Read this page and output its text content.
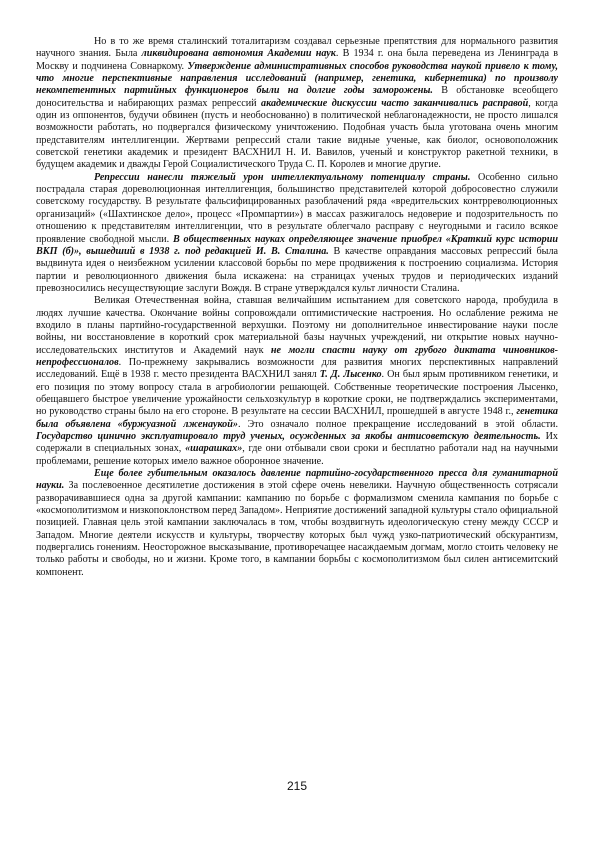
Но в то же время сталинский тоталитаризм создавал серьезные препятствия для нормального развития научного знания. Была ликвидирована автономия Академии наук. В 1934 г. она была переведена из Ленинграда в Москву и подчинена Совнаркому. Утверждение административных способов руководства наукой привело к тому, что многие перспективные направления исследований (например, генетика, кибернетика) по произволу некомпетентных партийных функционеров были на долгие годы заморожены. В обстановке всеобщего доносительства и набирающих размах репрессий академические дискуссии часто заканчивались расправой, когда один из оппонентов, будучи обвинен (пусть и необоснованно) в политической неблагонадежности, не просто лишался возможности работать, но подвергался физическому уничтожению. Подобная участь была уготована очень многим представителям интеллигенции. Жертвами репрессий стали такие видные ученые, как биолог, основоположник советской генетики академик и президент ВАСХНИЛ Н. И. Вавилов, ученый и конструктор ракетной техники, в будущем академик и дважды Герой Социалистического Труда С. П. Королев и многие другие.

Репрессии нанесли тяжелый урон интеллектуальному потенциалу страны. Особенно сильно пострадала старая дореволюционная интеллигенция, большинство представителей которой добросовестно служили советскому государству. В результате фальсифицированных разоблачений ряда «вредительских контрреволюционных организаций» («Шахтинское дело», процесс «Промпартии») в массах разжигалось недоверие и подозрительность по отношению к представителям интеллигенции, что в результате облегчало расправу с неугодными и гасило всякое проявление свободной мысли. В общественных науках определяющее значение приобрел «Краткий курс истории ВКП (б)», вышедший в 1938 г. под редакцией И. В. Сталина. В качестве оправдания массовых репрессий была выдвинута идея о неизбежном усилении классовой борьбы по мере продвижения к построению социализма. История партии и революционного движения была искажена: на страницах ученых трудов и периодических изданий превозносились несуществующие заслуги Вождя. В стране утверждался культ личности Сталина.

Великая Отечественная война, ставшая величайшим испытанием для советского народа, пробудила в людях лучшие качества. Окончание войны сопровождали оптимистические настроения. Но ослабление режима не входило в планы партийно-государственной верхушки. Поэтому ни дополнительное инвестирование науки после войны, ни восстановление в короткий срок материальной базы научных учреждений, ни открытие новых научно-исследовательских институтов и Академий наук не могли спасти науку от грубого диктата чиновников-непрофессионалов. По-прежнему закрывались возможности для развития многих перспективных направлений исследований. Ещё в 1938 г. место президента ВАСХНИЛ занял Т. Д. Лысенко. Он был ярым противником генетики, и его позиция по этому вопросу стала в агробиологии решающей. Собственные теоретические построения Лысенко, обещавшего быстрое увеличение урожайности сельхозкультур в короткие сроки, не подтверждались экспериментами, но руководство страны было на его стороне. В результате на сессии ВАСХНИЛ, прошедшей в августе 1948 г., генетика была объявлена «буржуазной лженаукой». Это означало полное прекращение исследований в этой области. Государство цинично эксплуатировало труд ученых, осужденных за якобы антисоветскую деятельность. Их содержали в специальных зонах, «шарашках», где они отбывали свои сроки и бесплатно работали над на научными проблемами, решение которых имело важное оборонное значение.

Еще более губительным оказалось давление партийно-государственного пресса для гуманитарной науки. За послевоенное десятилетие достижения в этой сфере очень невелики. Научную общественность сотрясали разворачивавшиеся одна за другой кампании: кампанию по борьбе с формализмом сменила кампания по борьбе с «космополитизмом и низкопоклонством перед Западом». Неприятие достижений западной культуры стало официальной позицией. Главная цель этой кампании заключалась в том, чтобы воздвигнуть идеологическую стену между СССР и Западом. Многие деятели искусств и культуры, творчеству которых был чужд узко-патриотический обскурантизм, подвергались гонениям. Неосторожное высказывание, противоречащее насаждаемым догмам, могло стоить человеку не только работы и свободы, но и жизни. Кроме того, в кампании борьбы с космополитизмом был силен антисемитский компонент.

215
